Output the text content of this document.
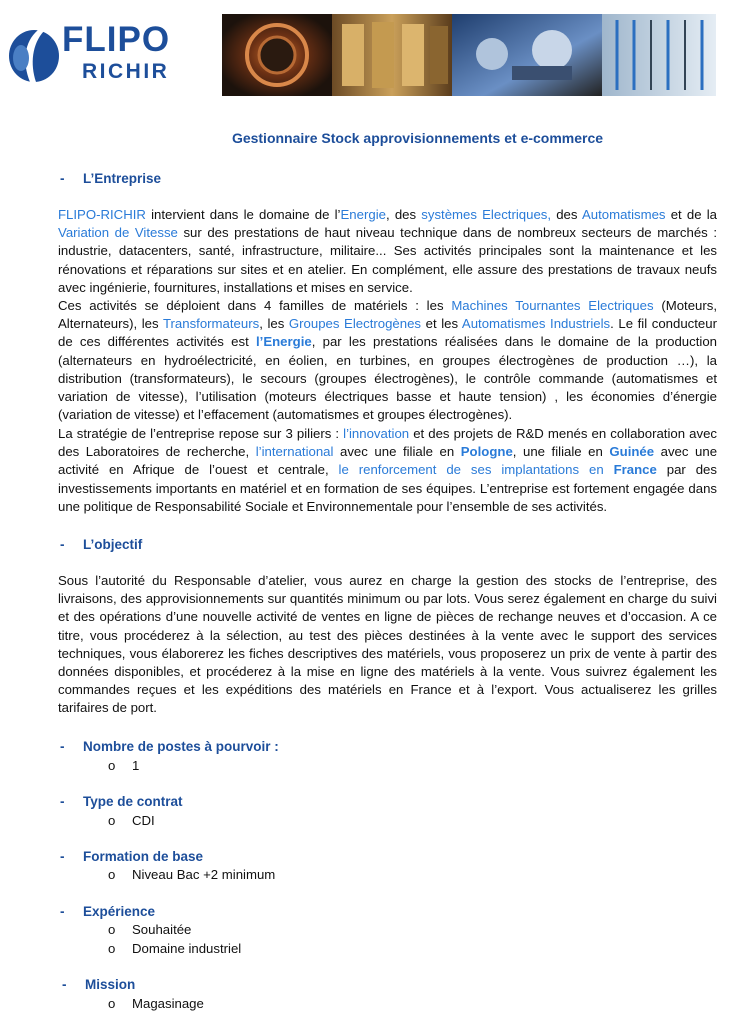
FLIPO
RICHIR
Gestionnaire Stock approvisionnements et e-commerce
- L’Entreprise

FLIPO-RICHIR intervient dans le domaine de l’Energie, des systèmes Electriques, des Automatismes et de la Variation de Vitesse sur des prestations de haut niveau technique dans de nombreux secteurs de marchés : industrie, datacenters, santé, infrastructure, militaire... Ses activités principales sont la maintenance et les rénovations et réparations sur sites et en atelier. En complément, elle assure des prestations de travaux neufs avec ingénierie, fournitures, installations et mises en service.

Ces activités se déploient dans 4 familles de matériels : les Machines Tournantes Electriques (Moteurs, Alternateurs), les Transformateurs, les Groupes Electrogènes et les Automatismes Industriels. Le fil conducteur de ces différentes activités est l’Energie, par les prestations réalisées dans le domaine de la production (alternateurs en hydroélectricité, en éolien, en turbines, en groupes électrogènes de production …), la distribution (transformateurs), le secours (groupes électrogènes), le contrôle commande (automatismes et variation de vitesse), l’utilisation (moteurs électriques basse et haute tension) , les économies d’énergie (variation de vitesse) et l’effacement (automatismes et groupes électrogènes).

La stratégie de l’entreprise repose sur 3 piliers : l’innovation et des projets de R&D menés en collaboration avec des Laboratoires de recherche, l’international avec une filiale en Pologne, une filiale en Guinée avec une activité en Afrique de l’ouest et centrale, le renforcement de ses implantations en France par des investissements importants en matériel et en formation de ses équipes. L’entreprise est fortement engagée dans une politique de Responsabilité Sociale et Environnementale pour l’ensemble de ses activités.

- L’objectif

Sous l’autorité du Responsable d’atelier, vous aurez en charge la gestion des stocks de l’entreprise, des livraisons, des approvisionnements sur quantités minimum ou par lots. Vous serez également en charge du suivi et des opérations d’une nouvelle activité de ventes en ligne de pièces de rechange neuves et d’occasion. A ce titre, vous procéderez à la sélection, au test des pièces destinées à la vente avec le support des services techniques, vous élaborerez les fiches descriptives des matériels, vous proposerez un prix de vente à partir des données disponibles, et procéderez à la mise en ligne des matériels à la vente. Vous suivrez également les commandes reçues et les expéditions des matériels en France et à l’export. Vous actualiserez les grilles tarifaires de port.

- Nombre de postes à pourvoir :
o 1
- Type de contrat
o CDI
- Formation de base
o Niveau Bac +2 minimum
- Expérience
o Souhaitée
o Domaine industriel
- Mission
o Magasinage
